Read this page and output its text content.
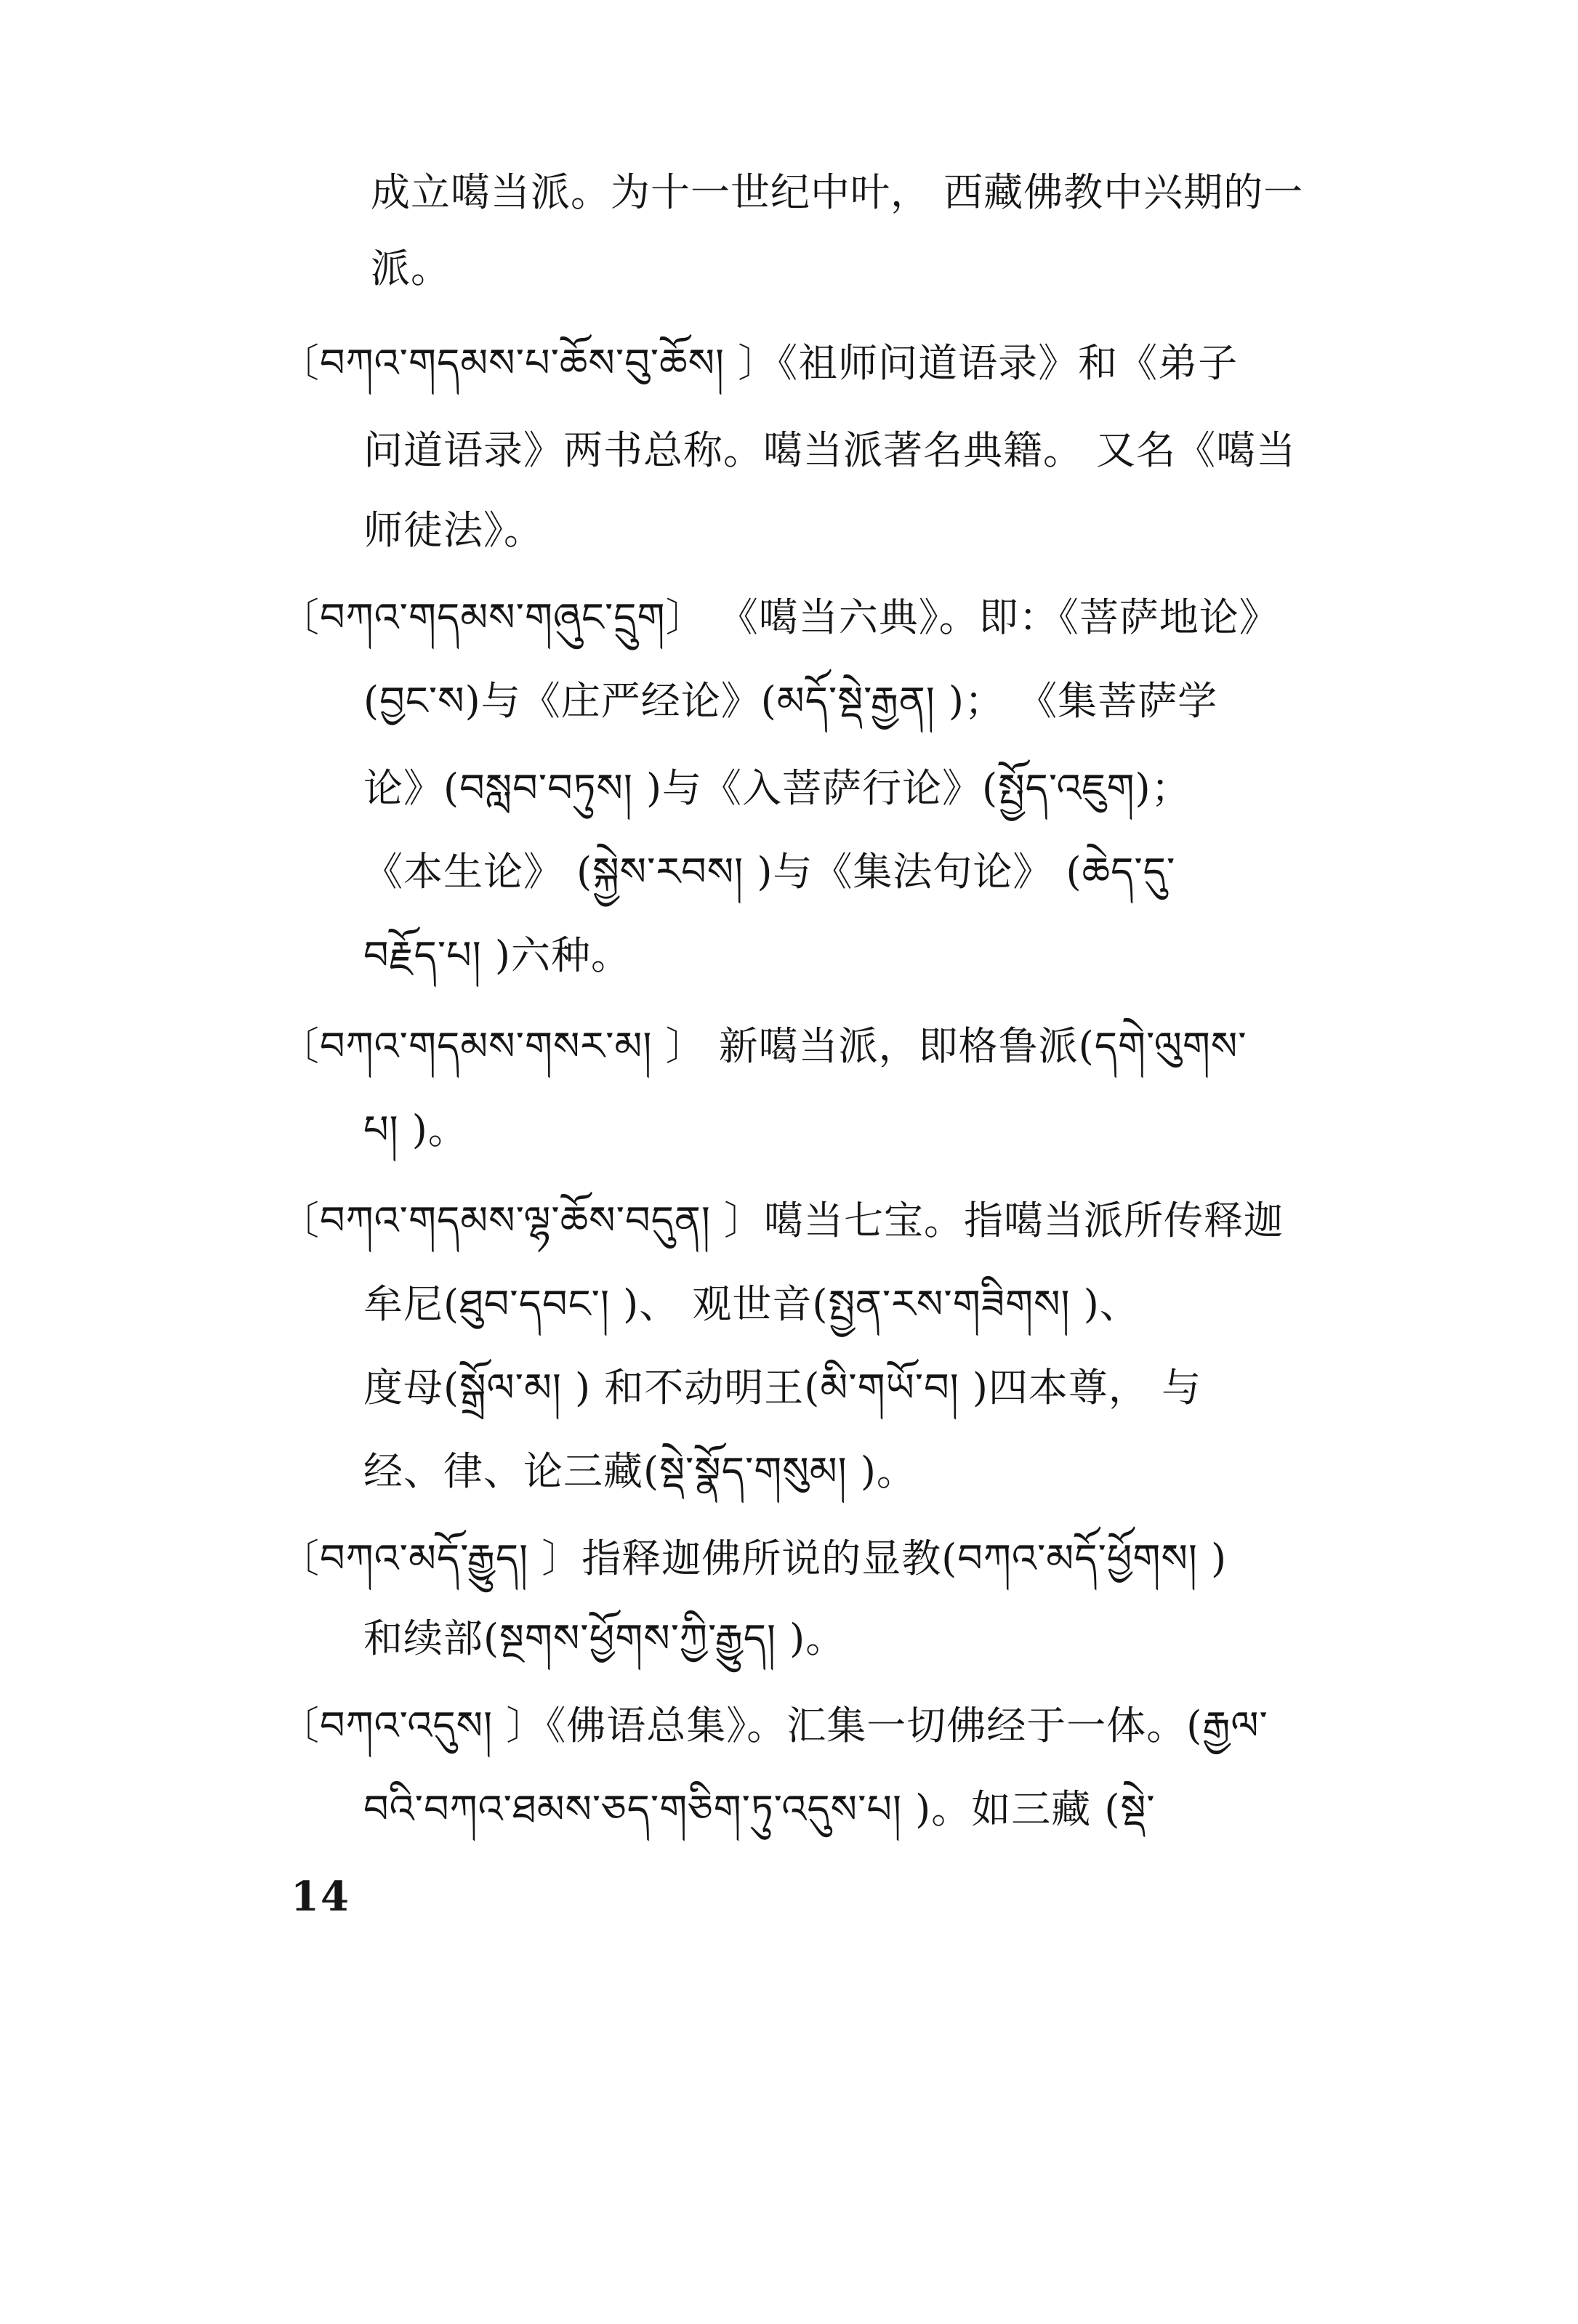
成立噶当派。为十一世纪中叶， 西藏佛教中兴期的一
派。
〔བཀའ་གདམས་པ་ཆོས་བུ་ཆོས། 〕《祖师问道语录》和《弟子
问道语录》两书总称。噶当派著名典籍。 又名《噶当
师徒法》。
〔བཀའ་གདམས་གཞུང་དྲུག〕 《噶当六典》。即：《菩萨地论》
(བྱང་ས)与《庄严经论》(མདོ་སྡེ་རྒྱན། )； 《集菩萨学
论》(བསླབ་བཏུས། )与《入菩萨行论》(སྤྱོད་འཇུག)；
《本生论》 (སྐྱེས་རབས། )与《集法句论》 (ཆེད་དུ་
བརྗོད་པ། )六种。
〔བཀའ་གདམས་གསར་མ། 〕 新噶当派，即格鲁派(དགེ་ལུགས་
པ། )。
〔བཀའ་གདམས་ལྷ་ཆོས་བདུན། 〕噶当七宝。指噶当派所传释迦
牟尼(ཐུབ་དབང་། )、 观世音(སྤྱན་རས་གཟིགས། )、
度母(སྒྲོལ་མ། ) 和不动明王(མི་གཡོ་བ། )四本尊， 与
经、律、论三藏(སྡེ་སྣོད་གསུམ། )。
〔བཀའ་མདོ་རྒྱུད། 〕指释迦佛所说的显教(བཀའ་མདོ་ཕྱོགས། )
和续部(སྔགས་ཕྱོགས་ཀྱི་རྒྱུད། )。
〔བཀའ་འདུས། 〕《佛语总集》。汇集一切佛经于一体。(རྒྱལ་
བའི་བཀའ་ཐམས་ཅད་གཅིག་ཏུ་འདུས་པ། )。如三藏 (སྡེ་
14
